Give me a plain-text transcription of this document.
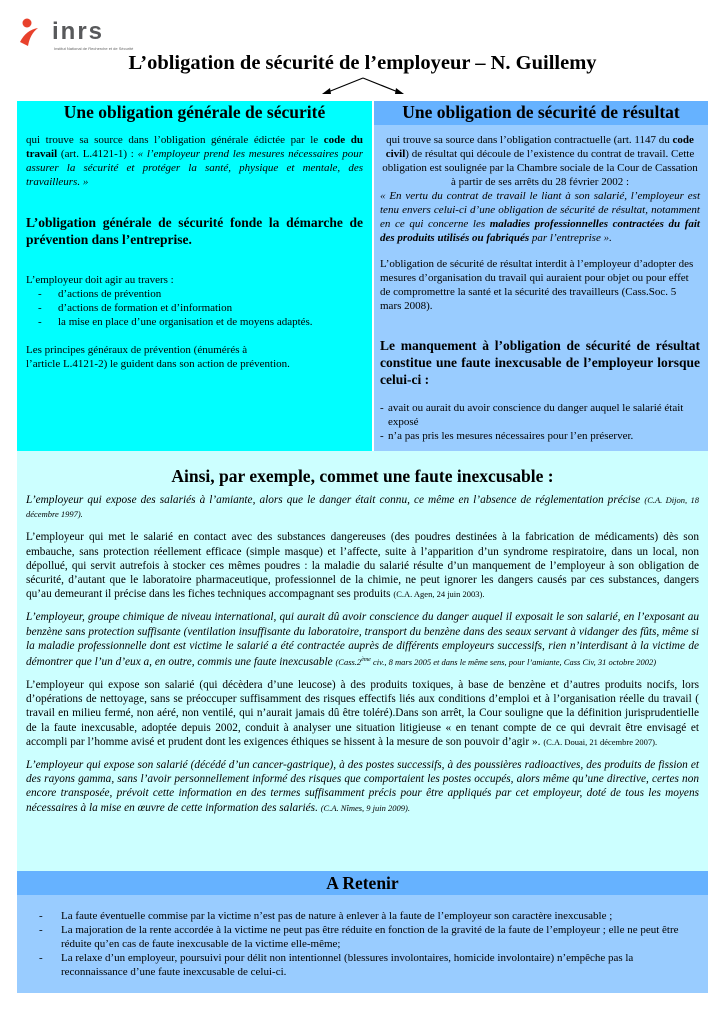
inrs
Institut National de Recherche et de Sécurité
L’obligation de sécurité de l’employeur – N. Guillemy
Une obligation générale de sécurité

qui trouve sa source dans l’obligation générale édictée par le code du travail (art. L.4121-1) : « l’employeur prend les mesures nécessaires pour assurer la sécurité et protéger la santé, physique et mentale, des travailleurs. »

L’obligation générale de sécurité fonde la démarche de prévention dans l’entreprise.

L’employeur doit agir au travers :

- d’actions de prévention
- d’actions de formation et d’information
- la mise en place d’une organisation et de moyens adaptés.

Les principes généraux de prévention (énumérés à

l’article L.4121-2) le guident dans son action de prévention.

Une obligation de sécurité de résultat

qui trouve sa source dans l’obligation contractuelle (art. 1147 du code civil) de résultat qui découle de l’existence du contrat de travail. Cette obligation est soulignée par la Chambre sociale de la Cour de Cassation à partir de ses arrêts du 28 février 2002 :

« En vertu du contrat de travail le liant à son salarié, l’employeur est tenu envers celui-ci d’une obligation de sécurité de résultat, notamment en ce qui concerne les maladies professionnelles contractées du fait des produits utilisés ou fabriqués par l’entreprise ».

L’obligation de sécurité de résultat interdit à l’employeur d’adopter des mesures d’organisation du travail qui auraient pour objet ou pour effet de compromettre la santé et la sécurité des travailleurs (Cass.Soc. 5 mars 2008).

Le manquement à l’obligation de sécurité de résultat constitue une faute inexcusable de l’employeur lorsque celui-ci :

- avait ou aurait du avoir conscience du danger auquel le salarié était exposé
- n’a pas pris les mesures nécessaires pour l’en préserver.
Ainsi, par exemple, commet une faute inexcusable :

L’employeur qui expose des salariés à l’amiante, alors que le danger était connu, ce même en l’absence de réglementation précise (C.A. Dijon, 18 décembre 1997).

L’employeur qui met le salarié en contact avec des substances dangereuses (des poudres destinées à la fabrication de médicaments) dès son embauche, sans protection réellement efficace (simple masque) et l’affecte, suite à l’apparition d’un syndrome respiratoire, dans un local, non dépollué, qui servit autrefois à stocker ces mêmes poudres : la maladie du salarié résulte d’un manquement de l’employeur à son obligation de sécurité, d’autant que le laboratoire pharmaceutique, professionnel de la chimie, ne peut ignorer les dangers causés par ces substances, dangers qu’au demeurant il précise dans les fiches techniques accompagnant ses produits (C.A. Agen, 24 juin 2003).

L’employeur, groupe chimique de niveau international, qui aurait dû avoir conscience du danger auquel il exposait le son salarié, en l’exposant au benzène sans protection suffisante (ventilation insuffisante du laboratoire, transport du benzène dans des seaux servant à vidanger des fûts, même si la maladie professionnelle dont est victime le salarié a été contractée auprès de différents employeurs successifs, rien n’interdisant à la victime de démontrer que l’un d’eux a, en outre, commis une faute inexcusable (Cass.2ème civ., 8 mars 2005 et dans le même sens, pour l’amiante, Cass Civ, 31 octobre 2002)

L’employeur qui expose son salarié (qui décèdera d’une leucose) à des produits toxiques, à base de benzène et d’autres produits nocifs, lors d’opérations de nettoyage, sans se préoccuper suffisamment des risques effectifs liés aux conditions d’emploi et à l’organisation réelle du travail ( travail en milieu fermé, non aéré, non ventilé, qui n’aurait jamais dû être toléré).Dans son arrêt, la Cour souligne que la définition jurisprudentielle de la faute inexcusable, adoptée depuis 2002, conduit à analyser une situation litigieuse « en tenant compte de ce qui devrait être envisagé et accompli par l’homme avisé et prudent dont les exigences éthiques se hissent à la mesure de son pouvoir d’agir ». (C.A. Douai, 21 décembre 2007).

L’employeur qui expose son salarié (décédé d’un cancer-gastrique), à des postes successifs, à des poussières radioactives, des produits de fission et des rayons gamma, sans l’avoir personnellement informé des risques que comportaient les postes occupés, alors même qu’une directive, certes non encore transposée, prévoit cette information en des termes suffisamment précis pour être appliqués par cet employeur, doté de tous les moyens nécessaires à la mise en œuvre de cette information des salariés. (C.A. Nîmes, 9 juin 2009).

A Retenir
- La faute éventuelle commise par la victime n’est pas de nature à enlever à la faute de l’employeur son caractère inexcusable ;
- La majoration de la rente accordée à la victime ne peut pas être réduite en fonction de la gravité de la faute de l’employeur ; elle ne peut être réduite qu’en cas de faute inexcusable de la victime elle-même;
- La relaxe d’un employeur, poursuivi pour délit non intentionnel (blessures involontaires, homicide involontaire) n’empêche pas la reconnaissance d’une faute inexcusable de celui-ci.
